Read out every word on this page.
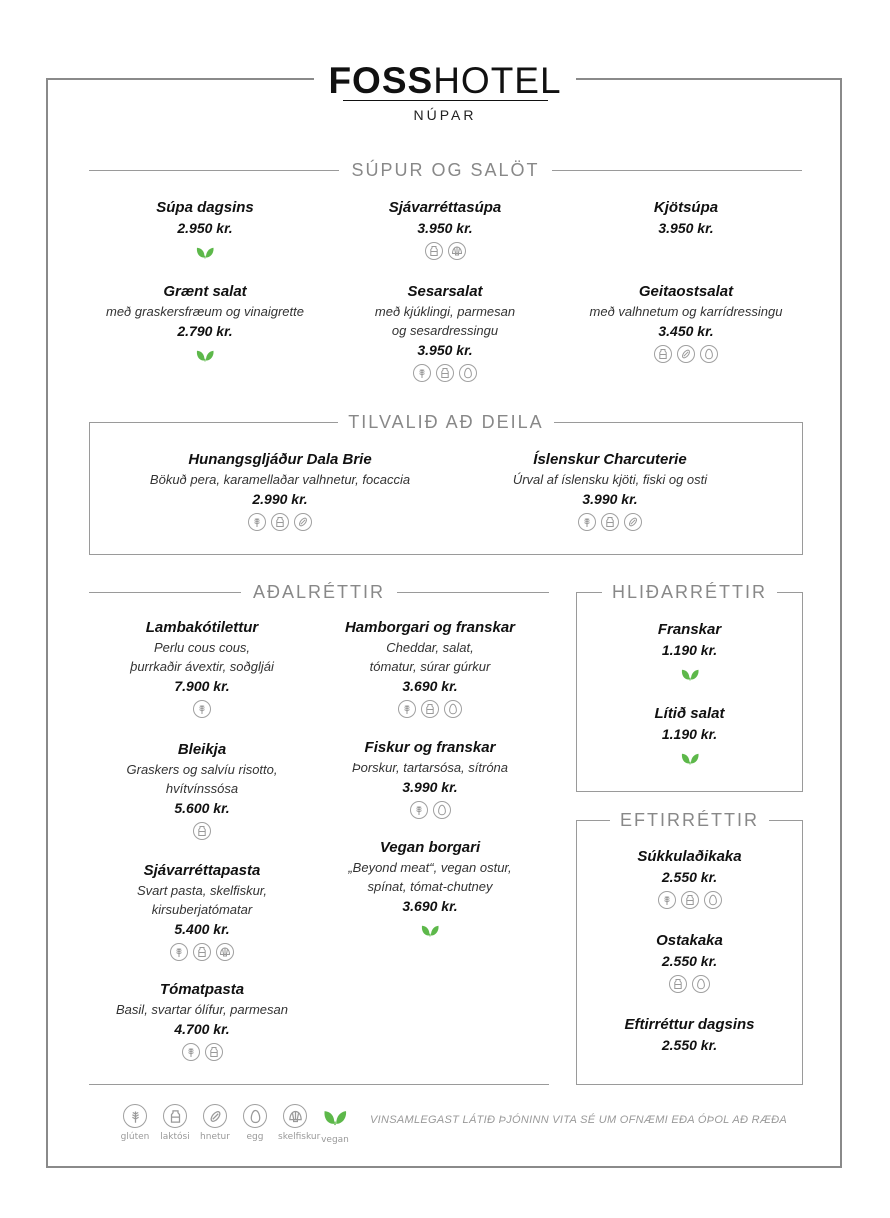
FOSSHOTEL
NÚPAR
SÚPUR OG SALÖT
Súpa dagsins
2.950 kr.
Sjávarréttasúpa
3.950 kr.
Kjötsúpa
3.950 kr.
Grænt salat
með graskersfræum og vinaigrette
2.790 kr.
Sesarsalat
með kjúklingi, parmesan
og sesardressingu
3.950 kr.
Geitaostsalat
með valhnetum og karrídressingu
3.450 kr.
TILVALIÐ AÐ DEILA
Hunangsgljáður Dala Brie
Bökuð pera, karamellaðar valhnetur, focaccia
2.990 kr.
Íslenskur Charcuterie
Úrval af íslensku kjöti, fiski og osti
3.990 kr.
AÐALRÉTTIR
Lambakótilettur
Perlu cous cous,
þurrkaðir ávextir, soðgljái
7.900 kr.
Bleikja
Graskers og salvíu risotto,
hvítvínssósa
5.600 kr.
Sjávarréttapasta
Svart pasta, skelfiskur,
kirsuberjatómatar
5.400 kr.
Tómatpasta
Basil, svartar ólífur, parmesan
4.700 kr.
Hamborgari og franskar
Cheddar, salat,
tómatur, súrar gúrkur
3.690 kr.
Fiskur og franskar
Þorskur, tartarsósa, sítróna
3.990 kr.
Vegan borgari
„Beyond meat“, vegan ostur,
spínat, tómat-chutney
3.690 kr.
HLIÐARRÉTTIR
Franskar
1.190 kr.
Lítið salat
1.190 kr.
EFTIRRÉTTIR
Súkkulaðikaka
2.550 kr.
Ostakaka
2.550 kr.
Eftirréttur dagsins
2.550 kr.
glúten laktósi hnetur	egg	skelfiskur vegan
VINSAMLEGAST LÁTIÐ ÞJÓNINN VITA SÉ UM OFNÆMI EÐA ÓÞOL AÐ RÆÐA
